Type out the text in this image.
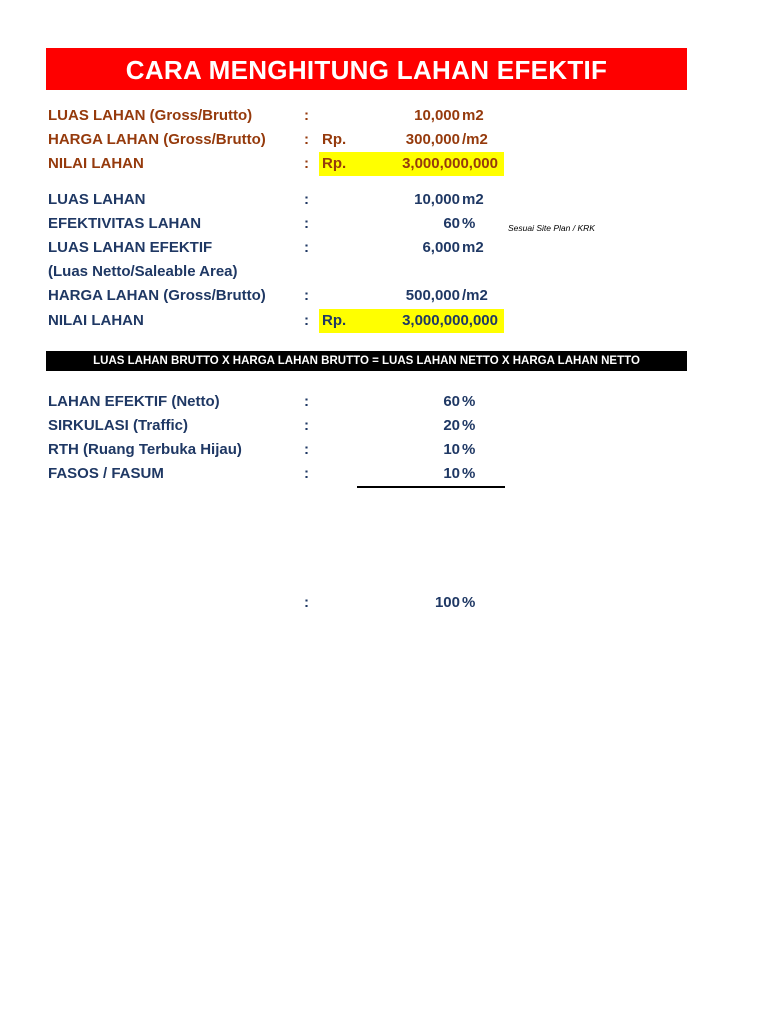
CARA MENGHITUNG LAHAN EFEKTIF
LUAS LAHAN (Gross/Brutto)	:	10,000 m2
HARGA LAHAN (Gross/Brutto)	: Rp.	300,000 /m2
NILAI LAHAN	: Rp.	3,000,000,000
LUAS LAHAN	:	10,000 m2
EFEKTIVITAS LAHAN	:	60 %	Sesuai Site Plan / KRK
LUAS LAHAN EFEKTIF	:	6,000 m2
(Luas Netto/Saleable Area)
HARGA LAHAN (Gross/Brutto)	:	500,000 /m2
NILAI LAHAN	: Rp.	3,000,000,000
LUAS LAHAN BRUTTO X HARGA LAHAN BRUTTO = LUAS LAHAN NETTO X HARGA LAHAN NETTO
LAHAN EFEKTIF (Netto)	:	60 %
SIRKULASI (Traffic)	:	20 %
RTH (Ruang Terbuka Hijau)	:	10 %
FASOS / FASUM	:	10 %
:	100 %
